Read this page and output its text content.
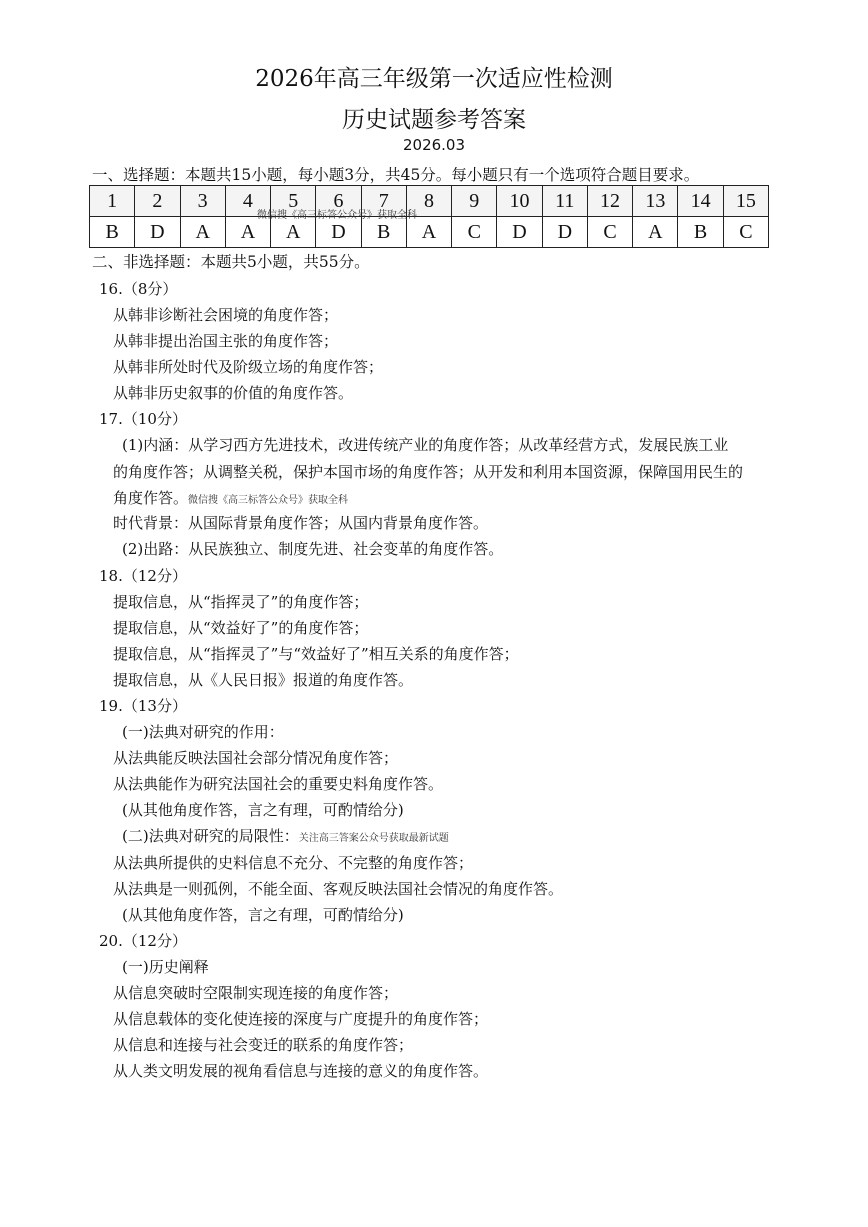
2026年高三年级第一次适应性检测
历史试题参考答案
2026.03
一、选择题：本题共15小题，每小题3分，共45分。每小题只有一个选项符合题目要求。
1	2	3	4	5	6	7	8	9	10	11	12	13	14	15
B	D	A	A	A	D	B	A	C	D	D	C	A	B	C
微信搜《高三标答公众号》获取全科
二、非选择题：本题共5小题，共55分。
16.（8分）
从韩非诊断社会困境的角度作答；
从韩非提出治国主张的角度作答；
从韩非所处时代及阶级立场的角度作答；
从韩非历史叙事的价值的角度作答。
17.（10分）
(1)内涵：从学习西方先进技术，改进传统产业的角度作答；从改革经营方式，发展民族工业
的角度作答；从调整关税，保护本国市场的角度作答；从开发和利用本国资源，保障国用民生的
角度作答。微信搜《高三标答公众号》获取全科
时代背景：从国际背景角度作答；从国内背景角度作答。
(2)出路：从民族独立、制度先进、社会变革的角度作答。
18.（12分）
提取信息，从“指挥灵了”的角度作答；
提取信息，从“效益好了”的角度作答；
提取信息，从“指挥灵了”与“效益好了”相互关系的角度作答；
提取信息，从《人民日报》报道的角度作答。
19.（13分）
(一)法典对研究的作用：
从法典能反映法国社会部分情况角度作答；
从法典能作为研究法国社会的重要史料角度作答。
(从其他角度作答，言之有理，可酌情给分)
(二)法典对研究的局限性：关注高三答案公众号获取最新试题
从法典所提供的史料信息不充分、不完整的角度作答；
从法典是一则孤例，不能全面、客观反映法国社会情况的角度作答。
(从其他角度作答，言之有理，可酌情给分)
20.（12分）
(一)历史阐释
从信息突破时空限制实现连接的角度作答；
从信息载体的变化使连接的深度与广度提升的角度作答；
从信息和连接与社会变迁的联系的角度作答；
从人类文明发展的视角看信息与连接的意义的角度作答。
